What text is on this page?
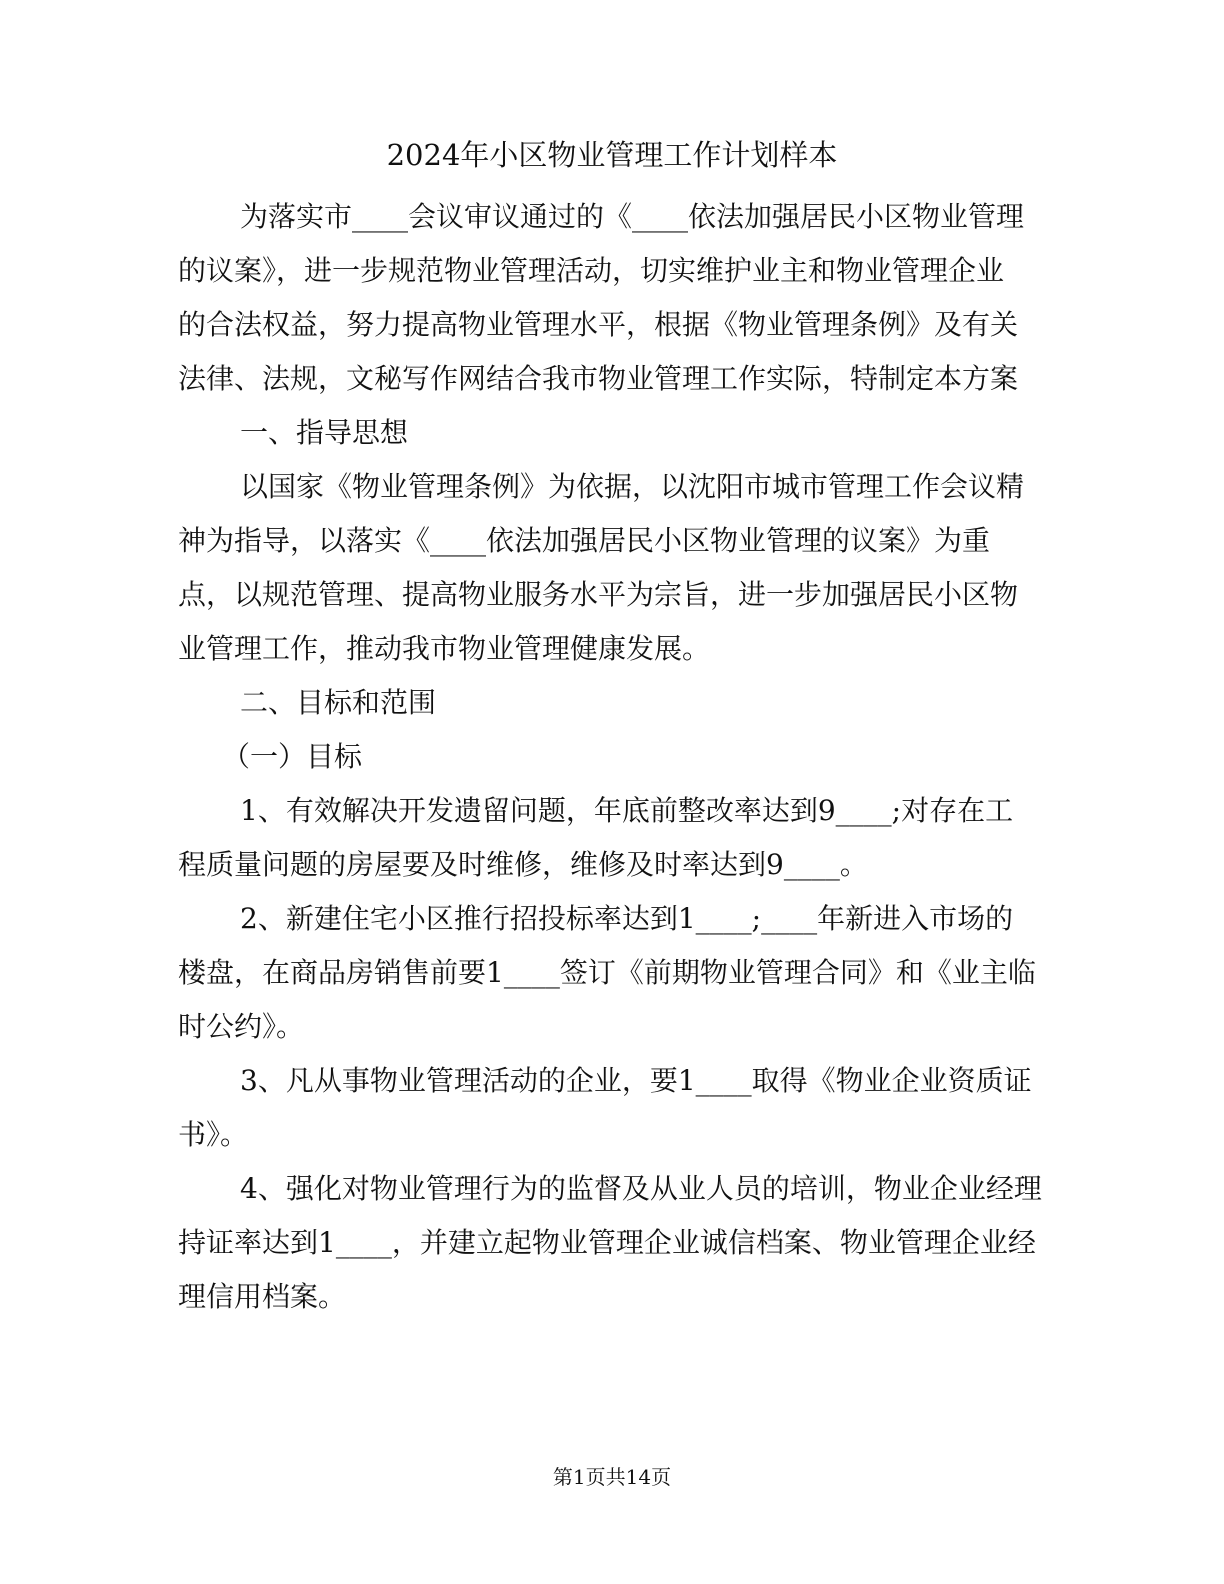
2024年小区物业管理工作计划样本

为落实市____会议审议通过的《____依法加强居民小区物业管理
的议案》，进一步规范物业管理活动，切实维护业主和物业管理企业
的合法权益，努力提高物业管理水平，根据《物业管理条例》及有关
法律、法规，文秘写作网结合我市物业管理工作实际，特制定本方案

一、指导思想

以国家《物业管理条例》为依据，以沈阳市城市管理工作会议精
神为指导，以落实《____依法加强居民小区物业管理的议案》为重
点，以规范管理、提高物业服务水平为宗旨，进一步加强居民小区物
业管理工作，推动我市物业管理健康发展。

二、目标和范围

（一）目标

1、有效解决开发遗留问题，年底前整改率达到9____;对存在工
程质量问题的房屋要及时维修，维修及时率达到9____。

2、新建住宅小区推行招投标率达到1____;____年新进入市场的
楼盘，在商品房销售前要1____签订《前期物业管理合同》和《业主临
时公约》。

3、凡从事物业管理活动的企业，要1____取得《物业企业资质证
书》。

4、强化对物业管理行为的监督及从业人员的培训，物业企业经理
持证率达到1____，并建立起物业管理企业诚信档案、物业管理企业经
理信用档案。

第1页共14页
